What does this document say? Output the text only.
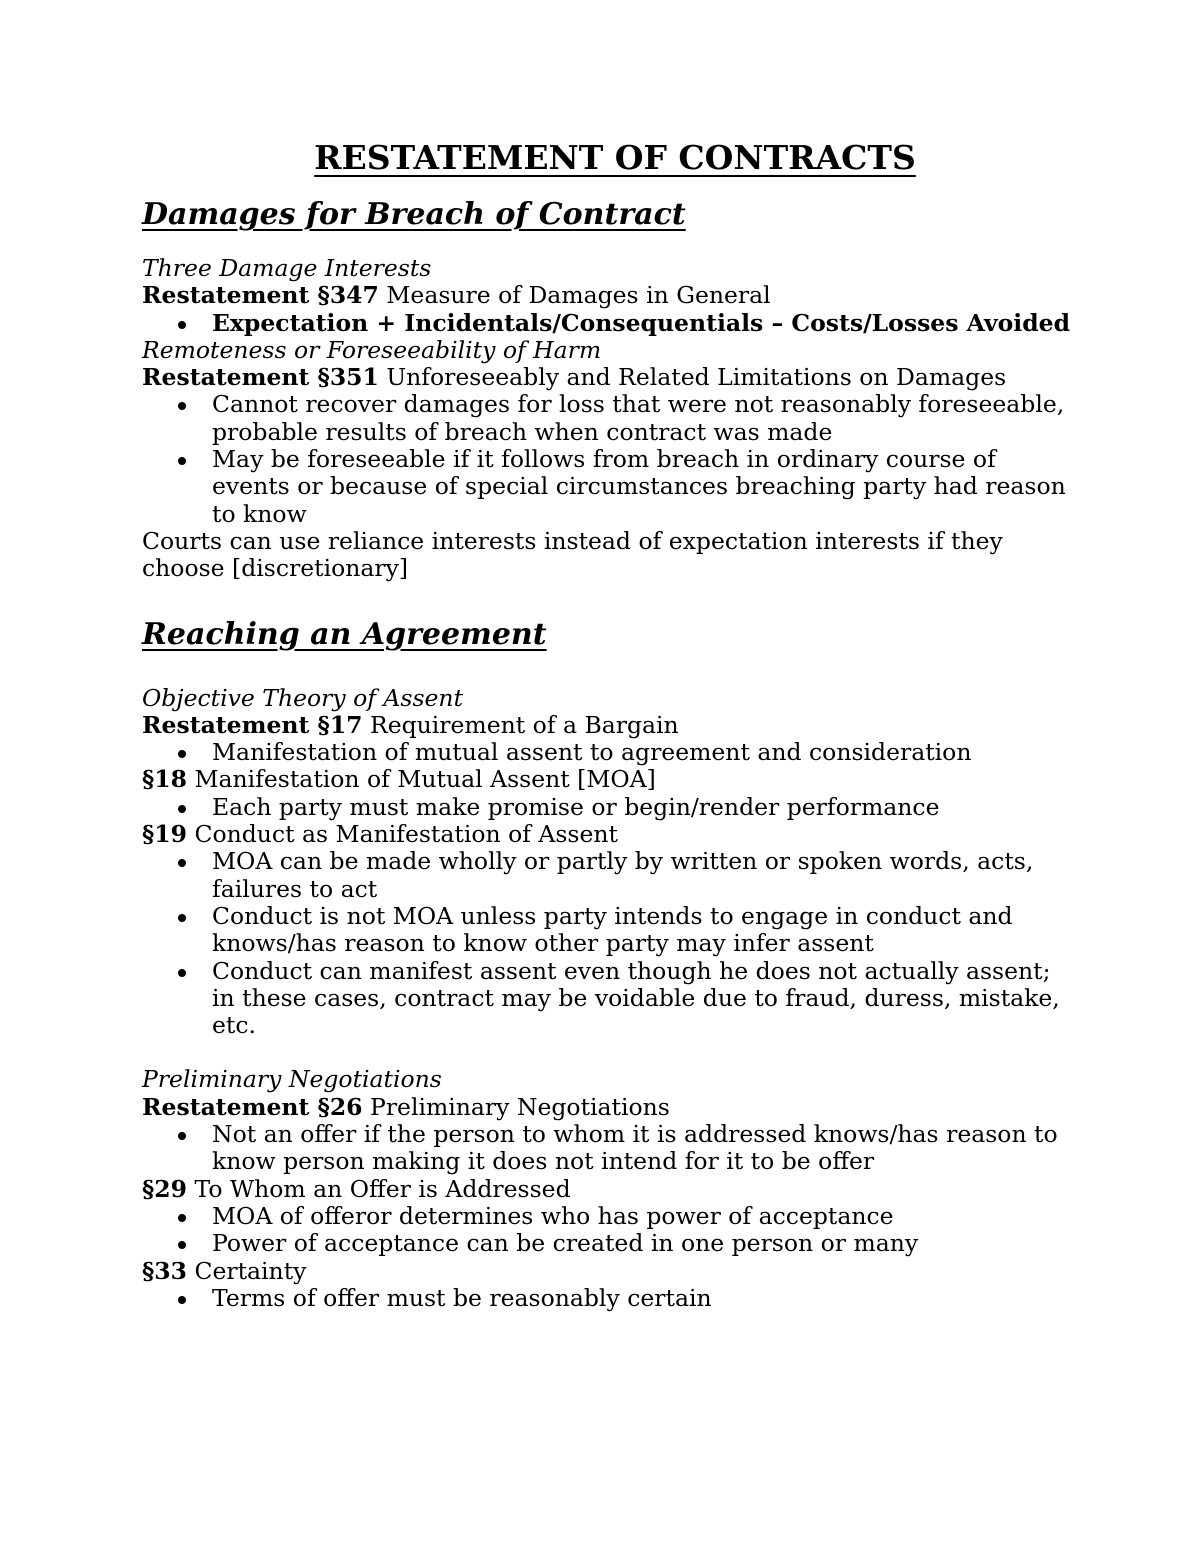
RESTATEMENT OF CONTRACTS
Damages for Breach of Contract

Three Damage Interests

Restatement §347 Measure of Damages in General

Expectation + Incidentals/Consequentials – Costs/Losses Avoided

Remoteness or Foreseeability of Harm

Restatement §351 Unforeseeably and Related Limitations on Damages

Cannot recover damages for loss that were not reasonably foreseeable, probable results of breach when contract was made
May be foreseeable if it follows from breach in ordinary course of events or because of special circumstances breaching party had reason to know

Courts can use reliance interests instead of expectation interests if they choose [discretionary]

Reaching an Agreement

Objective Theory of Assent

Restatement §17 Requirement of a Bargain

Manifestation of mutual assent to agreement and consideration

§18 Manifestation of Mutual Assent [MOA]

Each party must make promise or begin/render performance

§19 Conduct as Manifestation of Assent

MOA can be made wholly or partly by written or spoken words, acts, failures to act
Conduct is not MOA unless party intends to engage in conduct and knows/has reason to know other party may infer assent
Conduct can manifest assent even though he does not actually assent; in these cases, contract may be voidable due to fraud, duress, mistake, etc.

Preliminary Negotiations

Restatement §26 Preliminary Negotiations

Not an offer if the person to whom it is addressed knows/has reason to know person making it does not intend for it to be offer

§29 To Whom an Offer is Addressed

MOA of offeror determines who has power of acceptance
Power of acceptance can be created in one person or many

§33 Certainty

Terms of offer must be reasonably certain
